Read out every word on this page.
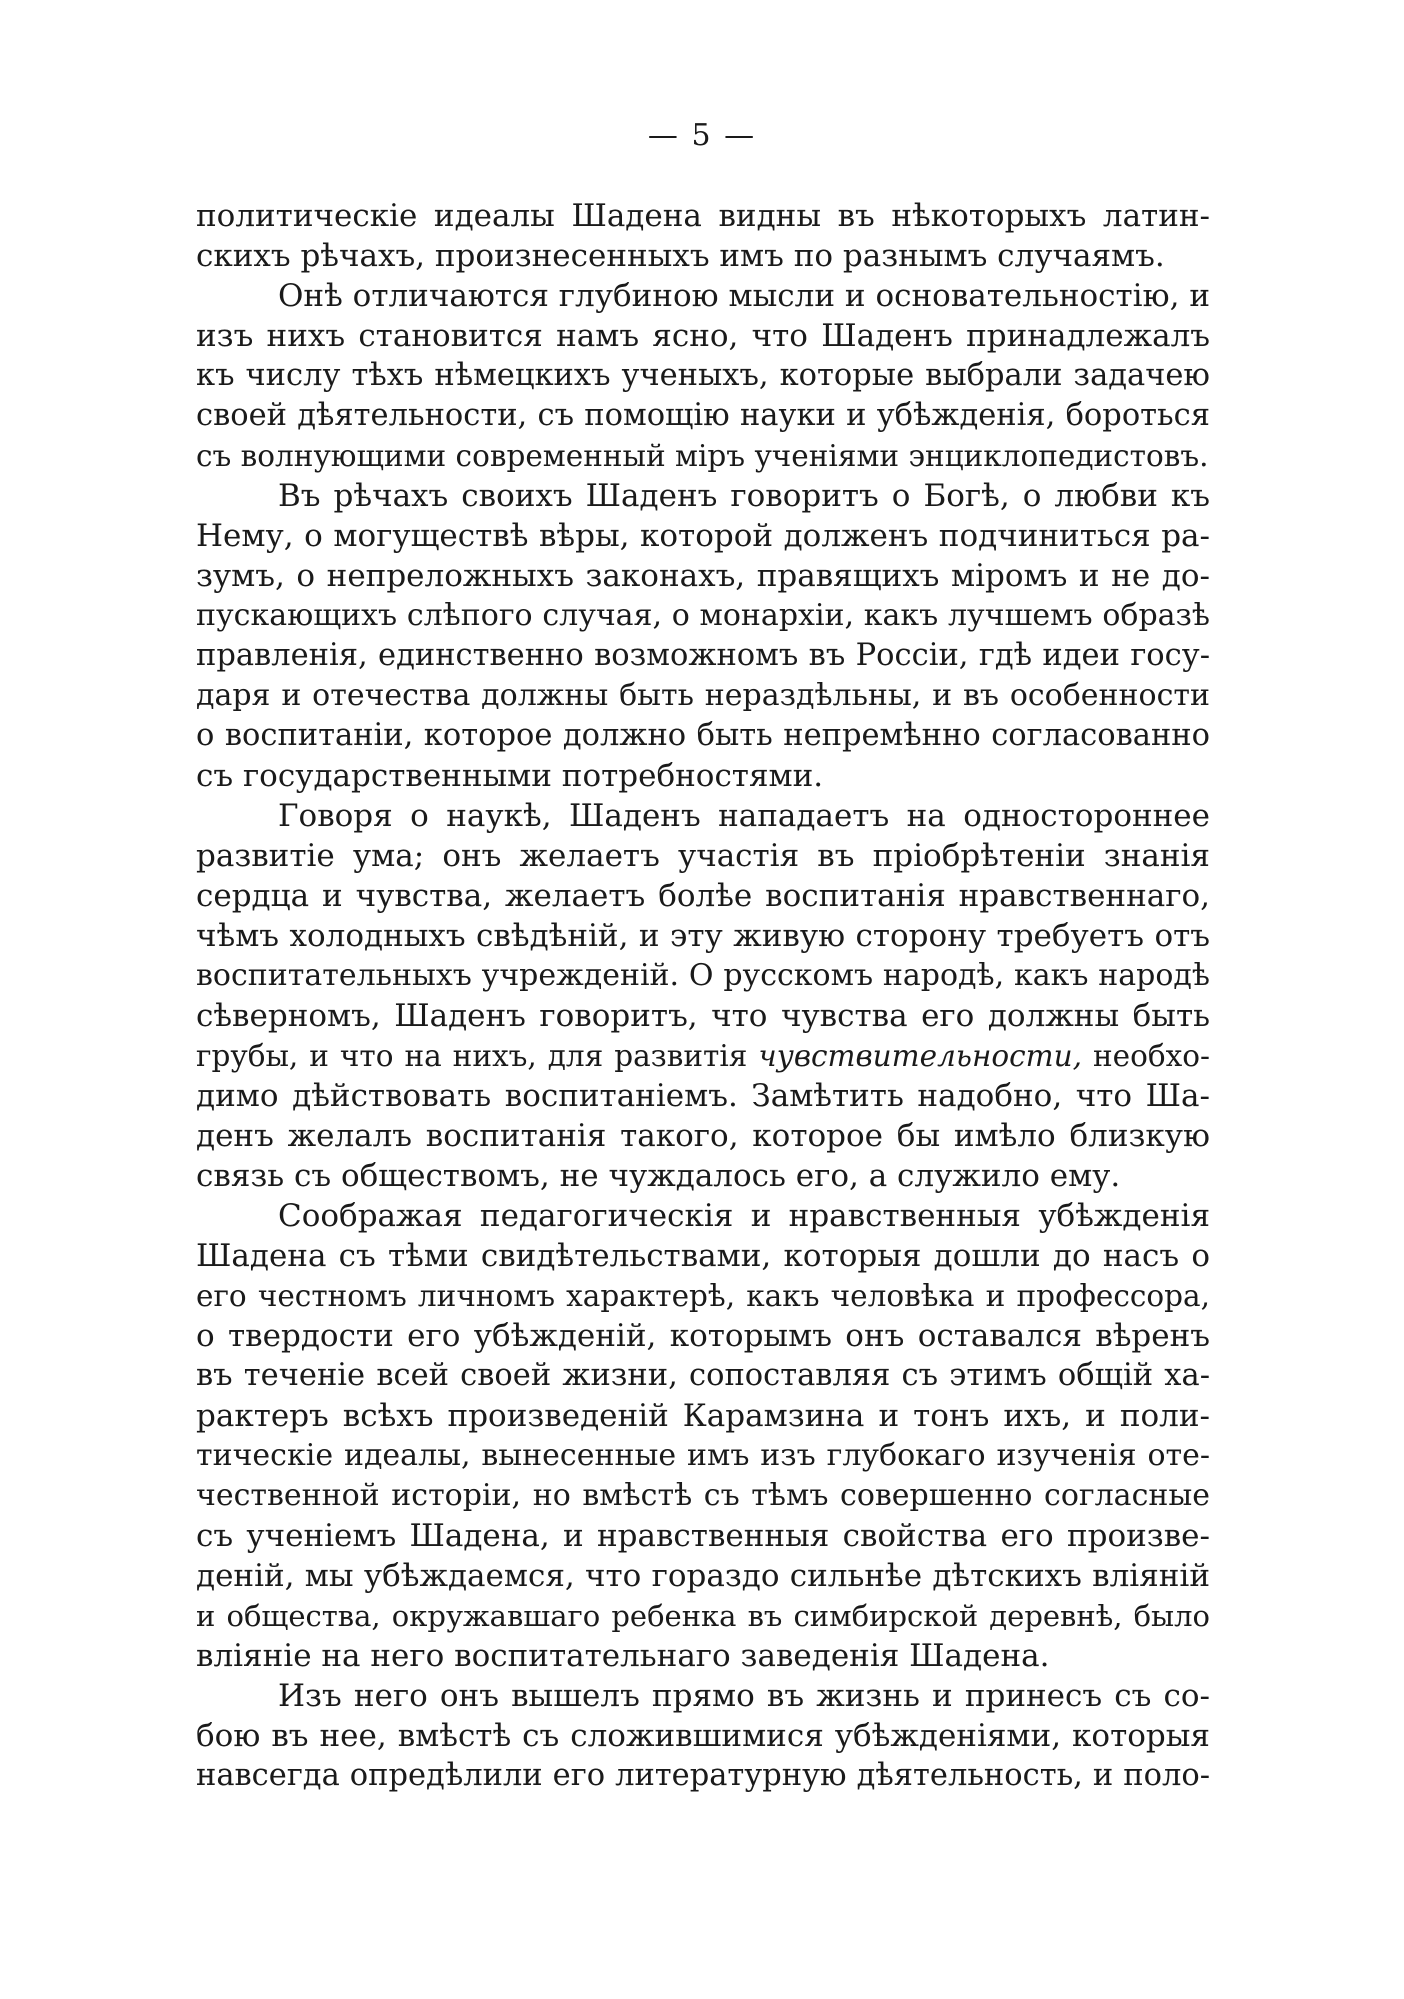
— 5 —
политическіе идеалы Шадена видны въ нѣкоторыхъ латин-
скихъ рѣчахъ, произнесенныхъ имъ по разнымъ случаямъ.
Онѣ отличаются глубиною мысли и основательностію, и
изъ нихъ становится намъ ясно, что Шаденъ принадлежалъ
къ числу тѣхъ нѣмецкихъ ученыхъ, которые выбрали задачею
своей дѣятельности, съ помощію науки и убѣжденія, бороться
съ волнующими современный міръ ученіями энциклопедистовъ.
Въ рѣчахъ своихъ Шаденъ говоритъ о Богѣ, о любви къ
Нему, о могуществѣ вѣры, которой долженъ подчиниться ра-
зумъ, о непреложныхъ законахъ, правящихъ міромъ и не до-
пускающихъ слѣпого случая, о монархіи, какъ лучшемъ образѣ
правленія, единственно возможномъ въ Россіи, гдѣ идеи госу-
даря и отечества должны быть нераздѣльны, и въ особенности
о воспитаніи, которое должно быть непремѣнно согласованно
съ государственными потребностями.
Говоря о наукѣ, Шаденъ нападаетъ на одностороннее
развитіе ума; онъ желаетъ участія въ пріобрѣтеніи знанія
сердца и чувства, желаетъ болѣе воспитанія нравственнаго,
чѣмъ холодныхъ свѣдѣній, и эту живую сторону требуетъ отъ
воспитательныхъ учрежденій. О русскомъ народѣ, какъ народѣ
сѣверномъ, Шаденъ говоритъ, что чувства его должны быть
грубы, и что на нихъ, для развитія чувствительности, необхо-
димо дѣйствовать воспитаніемъ. Замѣтить надобно, что Ша-
денъ желалъ воспитанія такого, которое бы имѣло близкую
связь съ обществомъ, не чуждалось его, а служило ему.
Соображая педагогическія и нравственныя убѣжденія
Шадена съ тѣми свидѣтельствами, которыя дошли до насъ о
его честномъ личномъ характерѣ, какъ человѣка и профессора,
о твердости его убѣжденій, которымъ онъ оставался вѣренъ
въ теченіе всей своей жизни, сопоставляя съ этимъ общій ха-
рактеръ всѣхъ произведеній Карамзина и тонъ ихъ, и поли-
тическіе идеалы, вынесенные имъ изъ глубокаго изученія оте-
чественной исторіи, но вмѣстѣ съ тѣмъ совершенно согласные
съ ученіемъ Шадена, и нравственныя свойства его произве-
деній, мы убѣждаемся, что гораздо сильнѣе дѣтскихъ вліяній
и общества, окружавшаго ребенка въ симбирской деревнѣ, было
вліяніе на него воспитательнаго заведенія Шадена.
Изъ него онъ вышелъ прямо въ жизнь и принесъ съ со-
бою въ нее, вмѣстѣ съ сложившимися убѣжденіями, которыя
навсегда опредѣлили его литературную дѣятельность, и поло-
